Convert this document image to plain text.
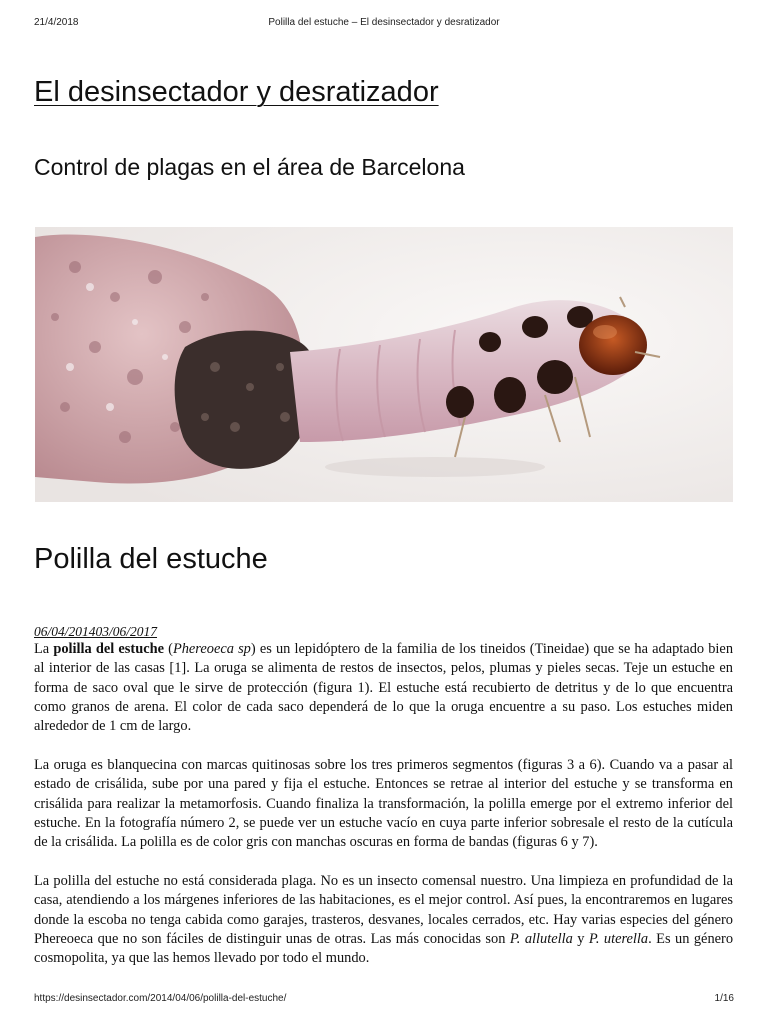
21/4/2018	Polilla del estuche – El desinsectador y desratizador
El desinsectador y desratizador
Control de plagas en el área de Barcelona
Polilla del estuche
06/04/201403/06/2017

La polilla del estuche (Phereoeca sp) es un lepidóptero de la familia de los tineidos (Tineidae) que se ha adaptado bien al interior de las casas [1]. La oruga se alimenta de restos de insectos, pelos, plumas y pieles secas. Teje un estuche en forma de saco oval que le sirve de protección (figura 1). El estuche está recubierto de detritus y de lo que encuentra como granos de arena. El color de cada saco dependerá de lo que la oruga encuentre a su paso. Los estuches miden alrededor de 1 cm de largo.

La oruga es blanquecina con marcas quitinosas sobre los tres primeros segmentos (figuras 3 a 6). Cuando va a pasar al estado de crisálida, sube por una pared y fija el estuche. Entonces se retrae al interior del estuche y se transforma en crisálida para realizar la metamorfosis. Cuando finaliza la transformación, la polilla emerge por el extremo inferior del estuche. En la fotografía número 2, se puede ver un estuche vacío en cuya parte inferior sobresale el resto de la cutícula de la crisálida. La polilla es de color gris con manchas oscuras en forma de bandas (figuras 6 y 7).

La polilla del estuche no está considerada plaga. No es un insecto comensal nuestro. Una limpieza en profundidad de la casa, atendiendo a los márgenes inferiores de las habitaciones, es el mejor control. Así pues, la encontraremos en lugares donde la escoba no tenga cabida como garajes, trasteros, desvanes, locales cerrados, etc. Hay varias especies del género Phereoeca que no son fáciles de distinguir unas de otras. Las más conocidas son P. allutella y P. uterella. Es un género cosmopolita, ya que las hemos llevado por todo el mundo.

https://desinsectador.com/2014/04/06/polilla-del-estuche/	1/16
